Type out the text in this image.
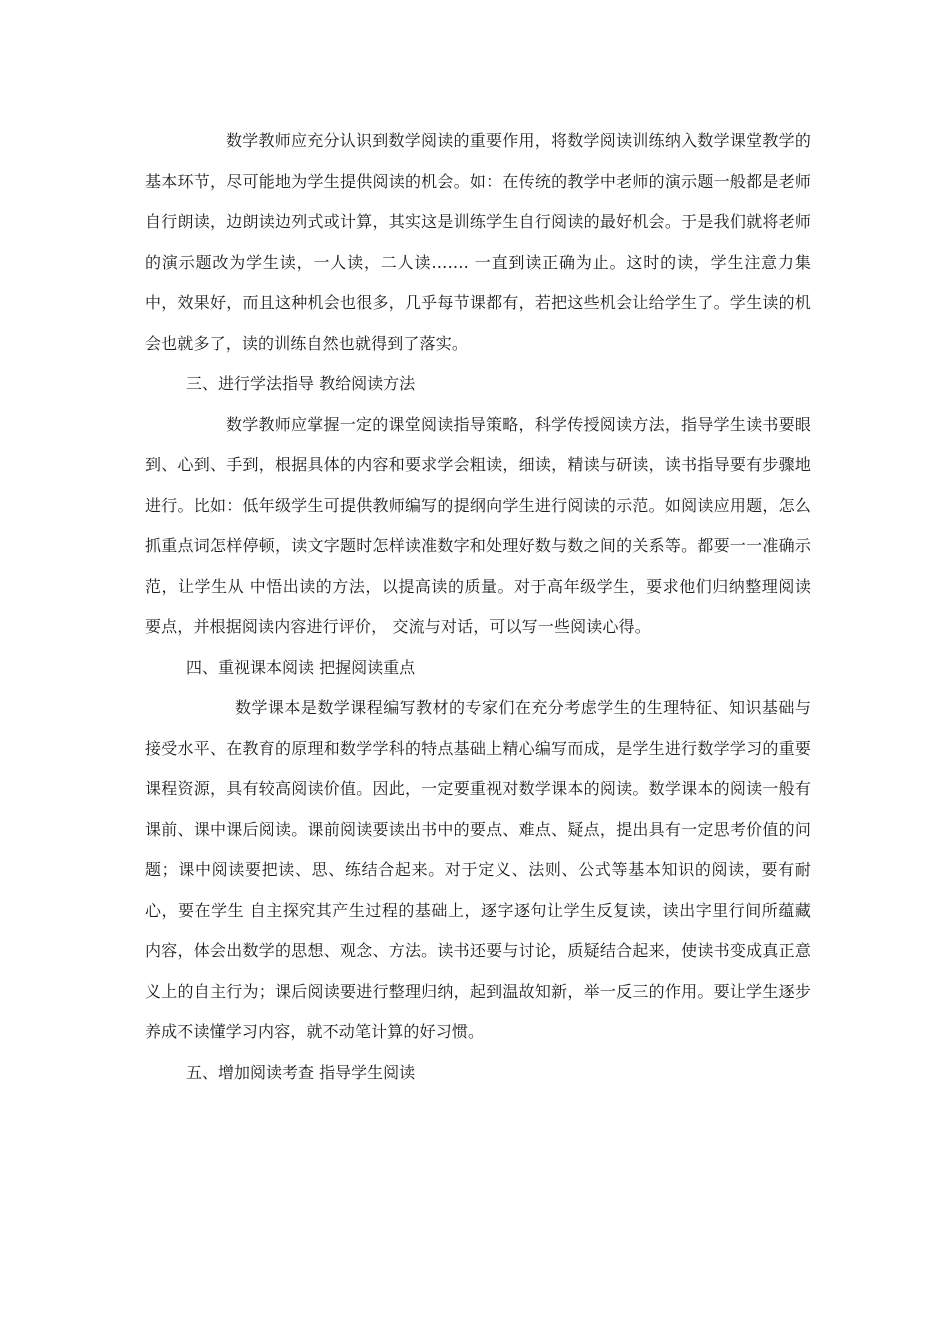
数学教师应充分认识到数学阅读的重要作用，将数学阅读训练纳入数学课堂教学的基本环节，尽可能地为学生提供阅读的机会。如：在传统的教学中老师的演示题一般都是老师自行朗读，边朗读边列式或计算，其实这是训练学生自行阅读的最好机会。于是我们就将老师的演示题改为学生读，一人读，二人读……. 一直到读正确为止。这时的读，学生注意力集中，效果好，而且这种机会也很多，几乎每节课都有，若把这些机会让给学生了。学生读的机会也就多了，读的训练自然也就得到了落实。

三、进行学法指导 教给阅读方法

数学教师应掌握一定的课堂阅读指导策略，科学传授阅读方法，指导学生读书要眼到、心到、手到，根据具体的内容和要求学会粗读，细读，精读与研读，读书指导要有步骤地进行。比如：低年级学生可提供教师编写的提纲向学生进行阅读的示范。如阅读应用题，怎么抓重点词怎样停顿，读文字题时怎样读准数字和处理好数与数之间的关系等。都要一一准确示范，让学生从 中悟出读的方法，以提高读的质量。对于高年级学生，要求他们归纳整理阅读要点，并根据阅读内容进行评价， 交流与对话，可以写一些阅读心得。

四、重视课本阅读 把握阅读重点

数学课本是数学课程编写教材的专家们在充分考虑学生的生理特征、知识基础与接受水平、在教育的原理和数学学科的特点基础上精心编写而成，是学生进行数学学习的重要课程资源，具有较高阅读价值。因此，一定要重视对数学课本的阅读。数学课本的阅读一般有课前、课中课后阅读。课前阅读要读出书中的要点、难点、疑点，提出具有一定思考价值的问题；课中阅读要把读、思、练结合起来。对于定义、法则、公式等基本知识的阅读，要有耐心，要在学生 自主探究其产生过程的基础上，逐字逐句让学生反复读，读出字里行间所蕴藏内容，体会出数学的思想、观念、方法。读书还要与讨论，质疑结合起来，使读书变成真正意义上的自主行为；课后阅读要进行整理归纳，起到温故知新，举一反三的作用。要让学生逐步养成不读懂学习内容，就不动笔计算的好习惯。

五、增加阅读考查 指导学生阅读
